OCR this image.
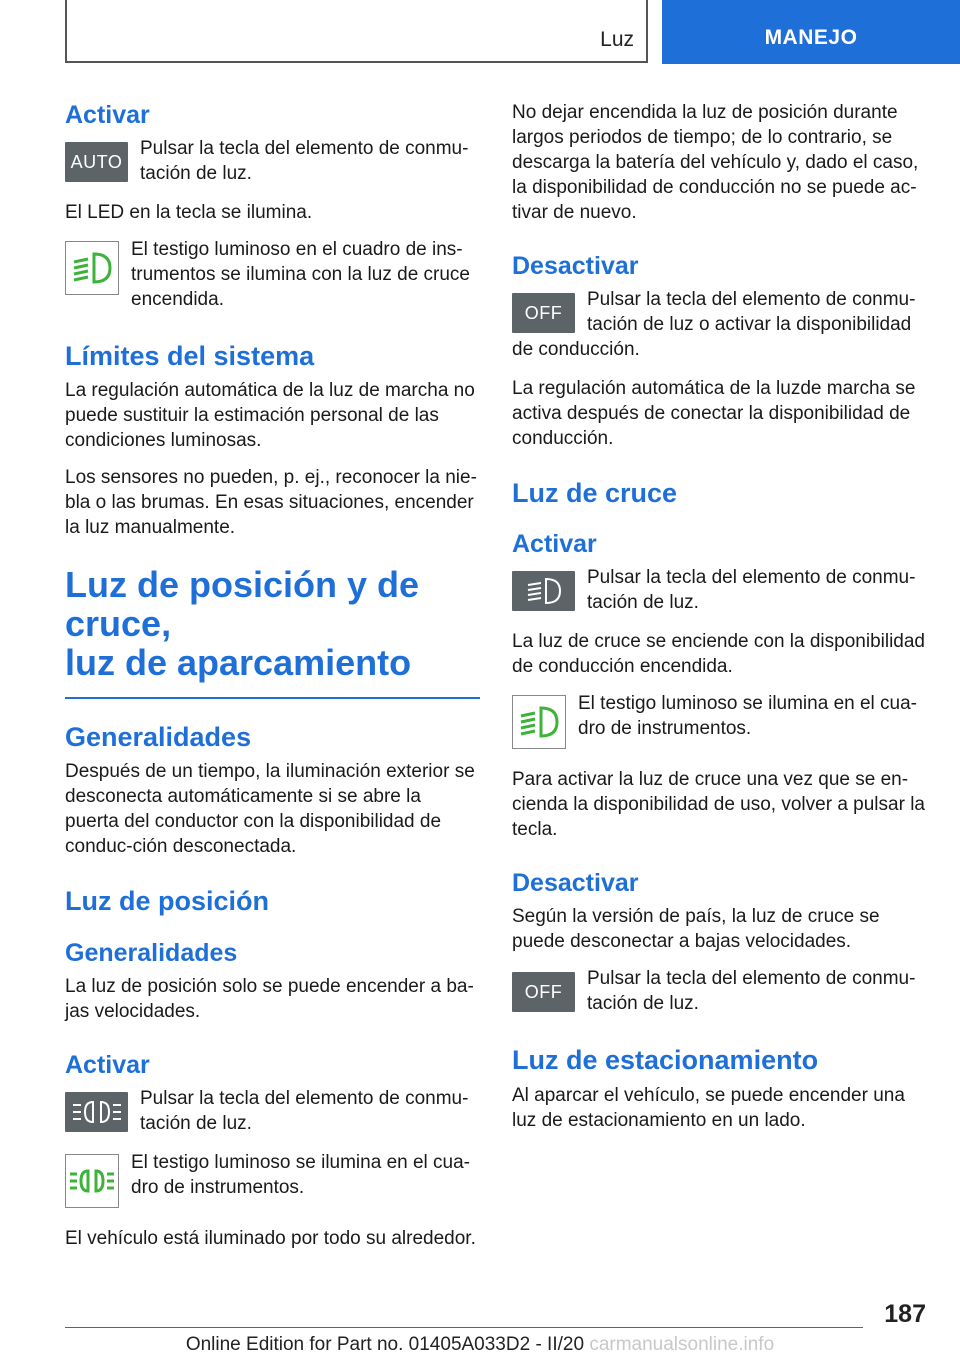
Luz	MANEJO
Activar
AUTO

Pulsar la tecla del elemento de conmu-tación de luz.

El LED en la tecla se ilumina.

El testigo luminoso en el cuadro de ins-trumentos se ilumina con la luz de cruce encendida.

Límites del sistema

La regulación automática de la luz de marcha no puede sustituir la estimación personal de las condiciones luminosas.

Los sensores no pueden, p. ej., reconocer la nie-bla o las brumas. En esas situaciones, encender la luz manualmente.

Luz de posición y de cruce,
luz de aparcamiento
Generalidades

Después de un tiempo, la iluminación exterior se desconecta automáticamente si se abre la puerta del conductor con la disponibilidad de conduc-ción desconectada.

Luz de posición
Generalidades

La luz de posición solo se puede encender a ba-jas velocidades.

Activar

Pulsar la tecla del elemento de conmu-tación de luz.

El testigo luminoso se ilumina en el cua-dro de instrumentos.

El vehículo está iluminado por todo su alrededor.

No dejar encendida la luz de posición durante largos periodos de tiempo; de lo contrario, se descarga la batería del vehículo y, dado el caso, la disponibilidad de conducción no se puede ac-tivar de nuevo.

Desactivar
OFF

Pulsar la tecla del elemento de conmu-tación de luz o activar la disponibilidad de conducción.

La regulación automática de la luzde marcha se activa después de conectar la disponibilidad de conducción.

Luz de cruce
Activar

Pulsar la tecla del elemento de conmu-tación de luz.

La luz de cruce se enciende con la disponibilidad de conducción encendida.

El testigo luminoso se ilumina en el cua-dro de instrumentos.

Para activar la luz de cruce una vez que se en-cienda la disponibilidad de uso, volver a pulsar la tecla.

Desactivar

Según la versión de país, la luz de cruce se puede desconectar a bajas velocidades.

OFF

Pulsar la tecla del elemento de conmu-tación de luz.

Luz de estacionamiento

Al aparcar el vehículo, se puede encender una luz de estacionamiento en un lado.

187
Online Edition for Part no. 01405A033D2 - II/20 carmanualsonline.info
